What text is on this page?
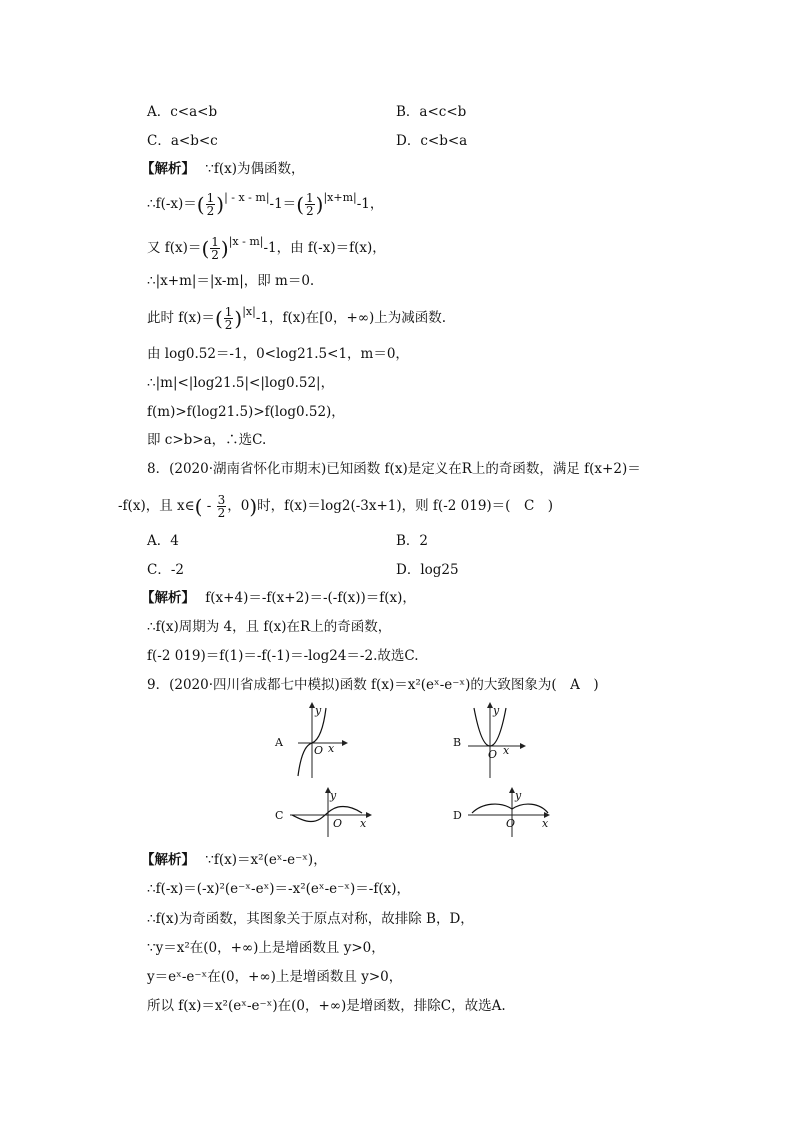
A．c<a<b	B．a<c<b
C．a<b<c	D．c<b<a
【解析】 ∵f(x)为偶函数，
∴f(-x)＝( $\frac{1}{2} )^{| - x - m|}-1=( \frac{1}{2} )^{|x+m|}-1$，
又 $f(x)=( \frac{1}{2} )^{|x - m|}-1$，由 f(-x)＝f(x)，
∴|x+m|＝|x-m|，即 m＝0.
此时 $f(x)=( \frac{1}{2} )^{|x|}-1$，f(x)在[0，+∞)上为减函数.
由 log0.52＝-1，0<log21.5<1，m＝0，
∴|m|<|log21.5|<|log0.52|，
f(m)>f(log21.5)>f(log0.52)，
即 c>b>a，∴选C.
8．(2020·湖南省怀化市期末)已知函数 f(x)是定义在R上的奇函数，满足 f(x+2)＝
-f(x)，且 x∈( - $\frac{3}{2}$ ，0)时，f(x)＝log2(-3x+1)，则 f(-2 019)＝(　C　)
A．4	B．2
C．-2	D．log25
【解析】 f(x+4)＝-f(x+2)＝-(-f(x))＝f(x)，
∴f(x)周期为 4，且 f(x)在R上的奇函数，
f(-2 019)＝f(1)＝-f(-1)＝-log24＝-2.故选C.
9．(2020·四川省成都七中模拟)函数 f(x)＝x²(eˣ-e⁻ˣ)的大致图象为(　A　)
A
y
x
O
B
y
x
O
C
y
x
O
D
y
x
O
【解析】 ∵f(x)＝x²(eˣ-e⁻ˣ)，
∴f(-x)＝(-x)²(e⁻ˣ-eˣ)＝-x²(eˣ-e⁻ˣ)＝-f(x)，
∴f(x)为奇函数，其图象关于原点对称，故排除 B，D，
∵y＝x²在(0，+∞)上是增函数且 y>0，
y＝eˣ-e⁻ˣ在(0，+∞)上是增函数且 y>0，
所以 f(x)＝x²(eˣ-e⁻ˣ)在(0，+∞)是增函数，排除C，故选A.
